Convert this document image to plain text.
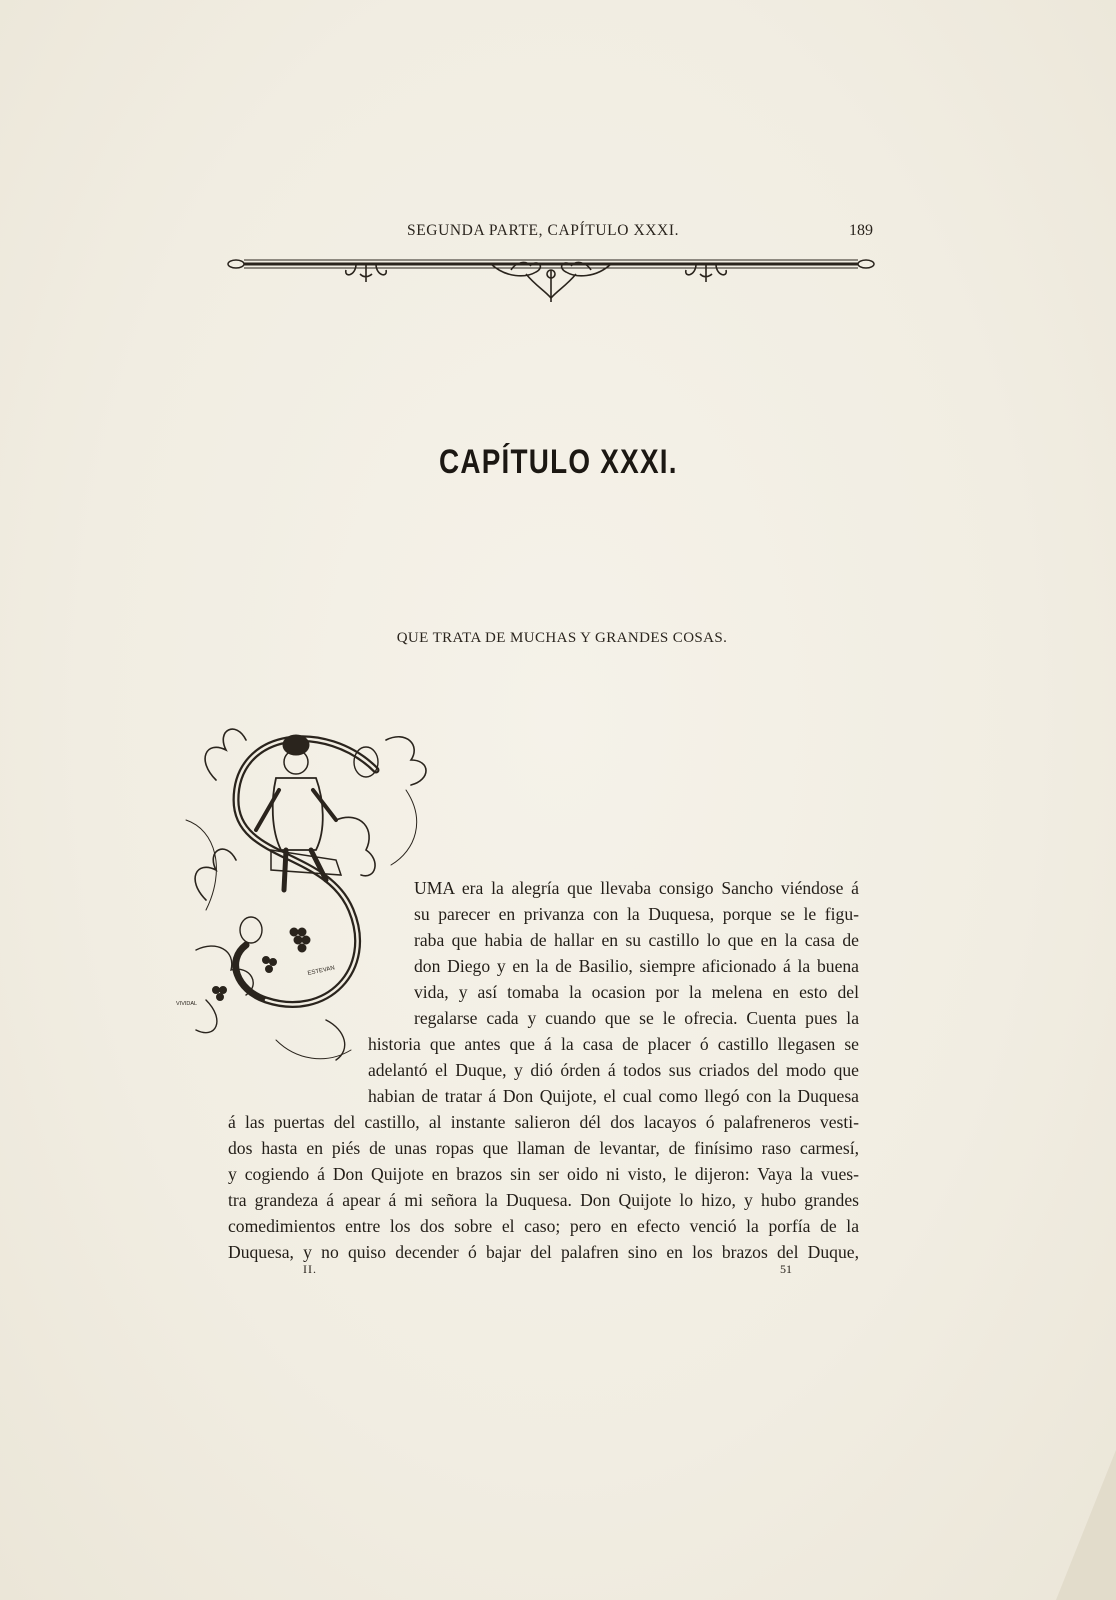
SEGUNDA PARTE, CAPÍTULO XXXI.	189
CAPÍTULO XXXI.
QUE TRATA DE MUCHAS Y GRANDES COSAS.
ESTEVAN
VIVIDAL
UMA era la alegría que llevaba consigo Sancho viéndose á
su parecer en privanza con la Duquesa, porque se le figu-
raba que habia de hallar en su castillo lo que en la casa de
don Diego y en la de Basilio, siempre aficionado á la buena
vida, y así tomaba la ocasion por la melena en esto del
regalarse cada y cuando que se le ofrecia. Cuenta pues la
historia que antes que á la casa de placer ó castillo llegasen se
adelantó el Duque, y dió órden á todos sus criados del modo que
habian de tratar á Don Quijote, el cual como llegó con la Duquesa
á las puertas del castillo, al instante salieron dél dos lacayos ó palafreneros vesti-
dos hasta en piés de unas ropas que llaman de levantar, de finísimo raso carmesí,
y cogiendo á Don Quijote en brazos sin ser oido ni visto, le dijeron: Vaya la vues-
tra grandeza á apear á mi señora la Duquesa. Don Quijote lo hizo, y hubo grandes
comedimientos entre los dos sobre el caso; pero en efecto venció la porfía de la
Duquesa, y no quiso decender ó bajar del palafren sino en los brazos del Duque,
II.	51
